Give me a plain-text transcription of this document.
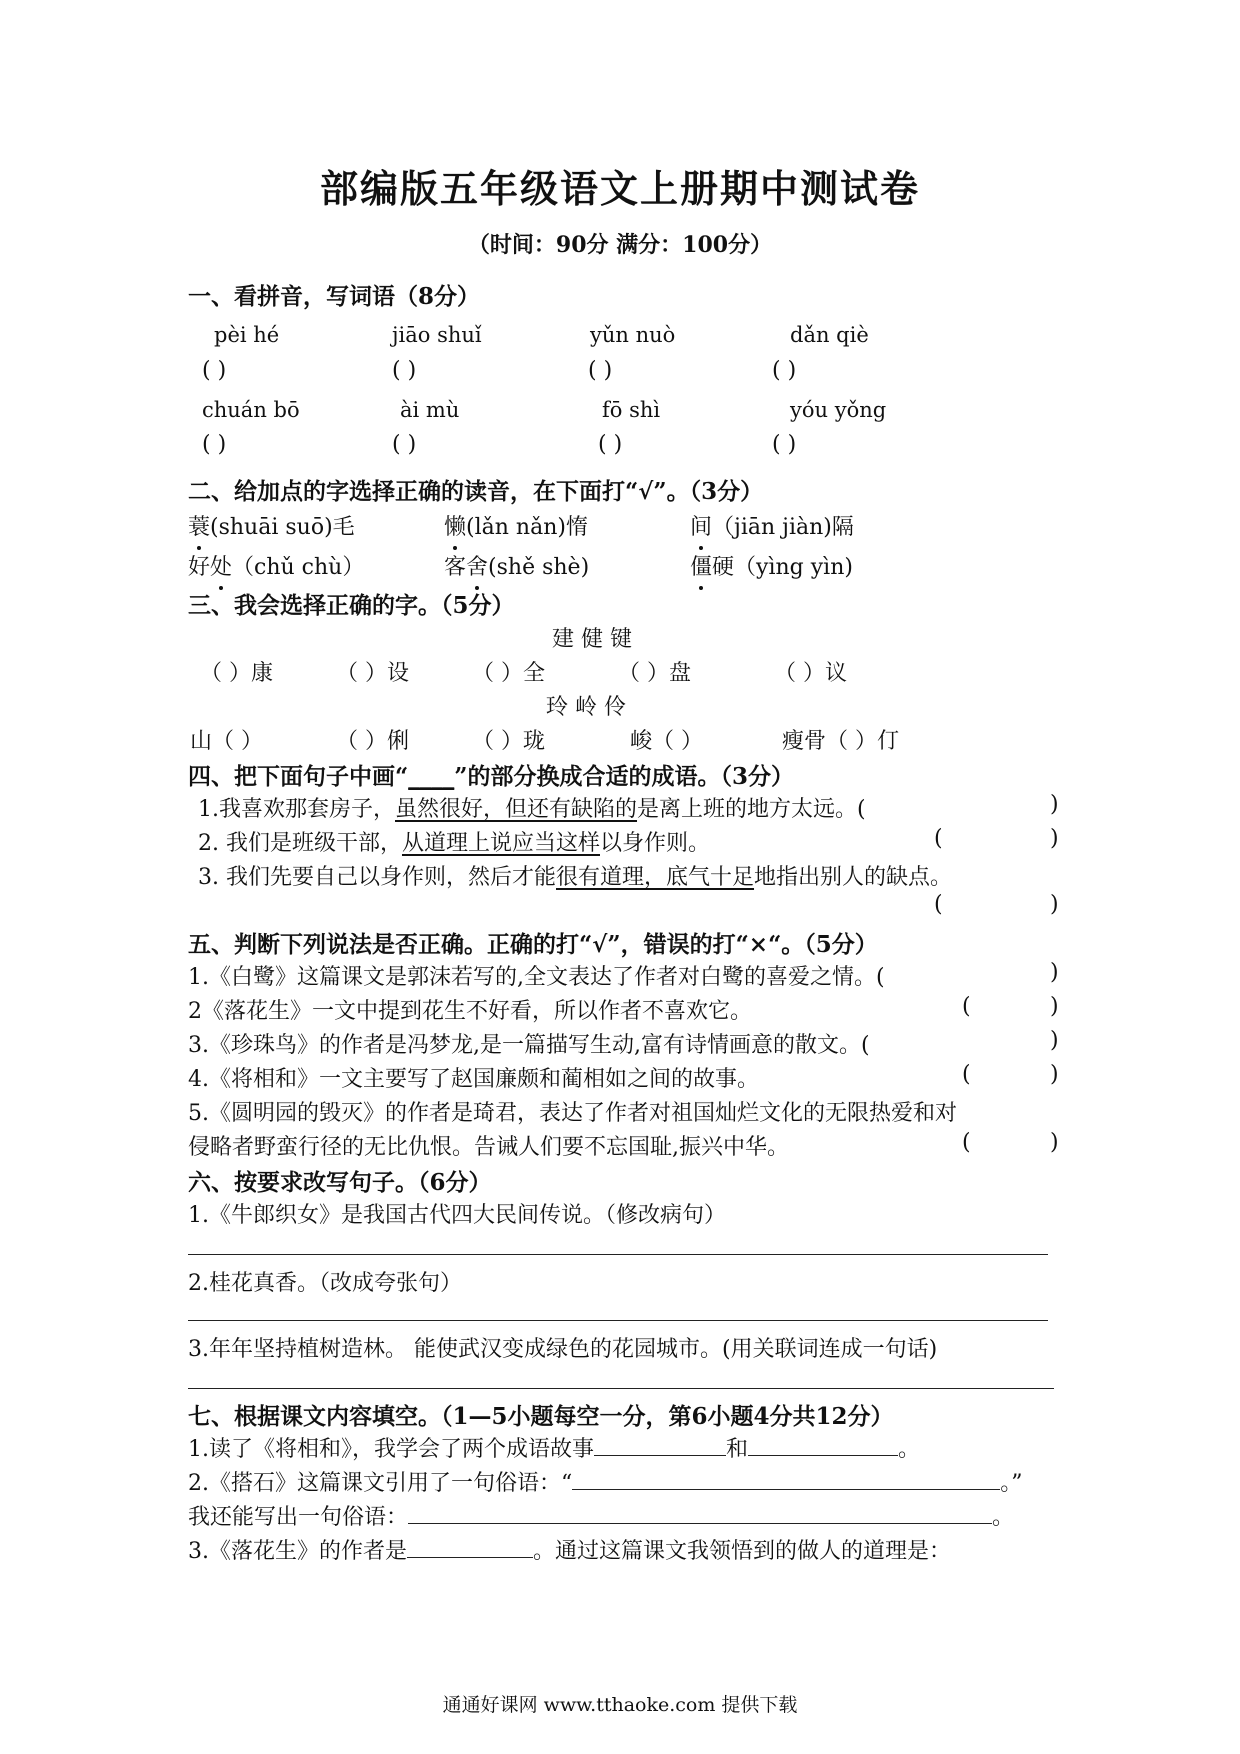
部编版五年级语文上册期中测试卷
（时间：90分 满分：100分）
一、看拼音，写词语（8分）
pèi hé	jiāo shuǐ	yǔn nuò	dǎn qiè
( )	( )	( )	( )
chuán bō	ài mù	fō shì	yóu yǒng
( )	( )	( )	( )
二、给加点的字选择正确的读音，在下面打“√”。（3分）
蓑(shuāi suō)毛	懒(lǎn nǎn)惰	间（jiān jiàn)隔
好处（chǔ chù）	客舍(shě shè)	僵硬（yìng yìn)
三、我会选择正确的字。（5分）
建 健 键
（ ）康	（ ）设	（ ）全	（ ）盘	（ ）议
玲 岭 伶
山（ ）	（ ）俐	（ ）珑	峻（ ）	瘦骨（ ）仃
四、把下面句子中画“____”的部分换成合适的成语。（3分）
1.我喜欢那套房子，虽然很好，但还有缺陷的是离上班的地方太远。(	)
2. 我们是班级干部，从道理上说应当这样以身作则。	(	)
3. 我们先要自己以身作则，然后才能很有道理，底气十足地指出别人的缺点。
(	)
五、判断下列说法是否正确。正确的打“√”，错误的打“×“。（5分）
1.《白鹭》这篇课文是郭沫若写的,全文表达了作者对白鹭的喜爱之情。(	)
2《落花生》一文中提到花生不好看，所以作者不喜欢它。	(	)
3.《珍珠鸟》的作者是冯梦龙,是一篇描写生动,富有诗情画意的散文。(	)
4.《将相和》一文主要写了赵国廉颇和蔺相如之间的故事。	(	)
5.《圆明园的毁灭》的作者是琦君，表达了作者对祖国灿烂文化的无限热爱和对
侵略者野蛮行径的无比仇恨。告诫人们要不忘国耻,振兴中华。	(	)
六、按要求改写句子。（6分）
1.《牛郎织女》是我国古代四大民间传说。（修改病句）
2.桂花真香。（改成夸张句）
3.年年坚持植树造林。 能使武汉变成绿色的花园城市。(用关联词连成一句话)
七、根据课文内容填空。（1—5小题每空一分，第6小题4分共12分）
1.读了《将相和》，我学会了两个成语故事	和	。
2.《搭石》这篇课文引用了一句俗语：“	。”
我还能写出一句俗语：	。
3.《落花生》的作者是	。通过这篇课文我领悟到的做人的道理是：
通通好课网 www.tthaoke.com 提供下载
